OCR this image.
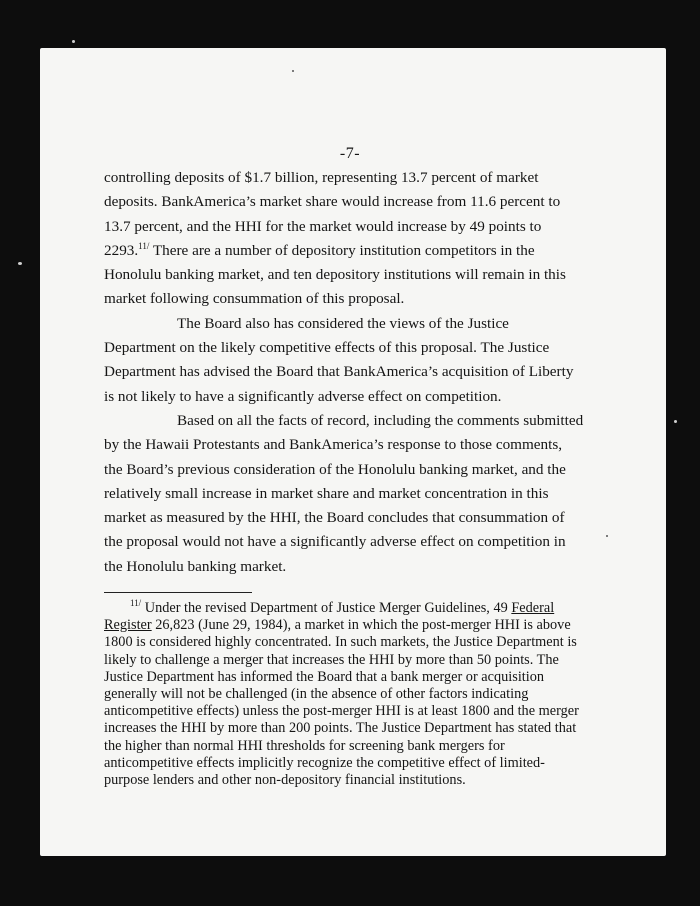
-7-

controlling deposits of $1.7 billion, representing 13.7 percent of market deposits. BankAmerica’s market share would increase from 11.6 percent to 13.7 percent, and the HHI for the market would increase by 49 points to 2293.$^{11/}$ There are a number of depository institution competitors in the Honolulu banking market, and ten depository institutions will remain in this market following consummation of this proposal.

The Board also has considered the views of the Justice Department on the likely competitive effects of this proposal. The Justice Department has advised the Board that BankAmerica’s acquisition of Liberty is not likely to have a significantly adverse effect on competition.

Based on all the facts of record, including the comments submitted by the Hawaii Protestants and BankAmerica’s response to those comments, the Board’s previous consideration of the Honolulu banking market, and the relatively small increase in market share and market concentration in this market as measured by the HHI, the Board concludes that consummation of the proposal would not have a significantly adverse effect on competition in the Honolulu banking market.

$^{11/}$ Under the revised Department of Justice Merger Guidelines, 49 Federal Register 26,823 (June 29, 1984), a market in which the post-merger HHI is above 1800 is considered highly concentrated. In such markets, the Justice Department is likely to challenge a merger that increases the HHI by more than 50 points. The Justice Department has informed the Board that a bank merger or acquisition generally will not be challenged (in the absence of other factors indicating anticompetitive effects) unless the post-merger HHI is at least 1800 and the merger increases the HHI by more than 200 points. The Justice Department has stated that the higher than normal HHI thresholds for screening bank mergers for anticompetitive effects implicitly recognize the competitive effect of limited-purpose lenders and other non-depository financial institutions.
